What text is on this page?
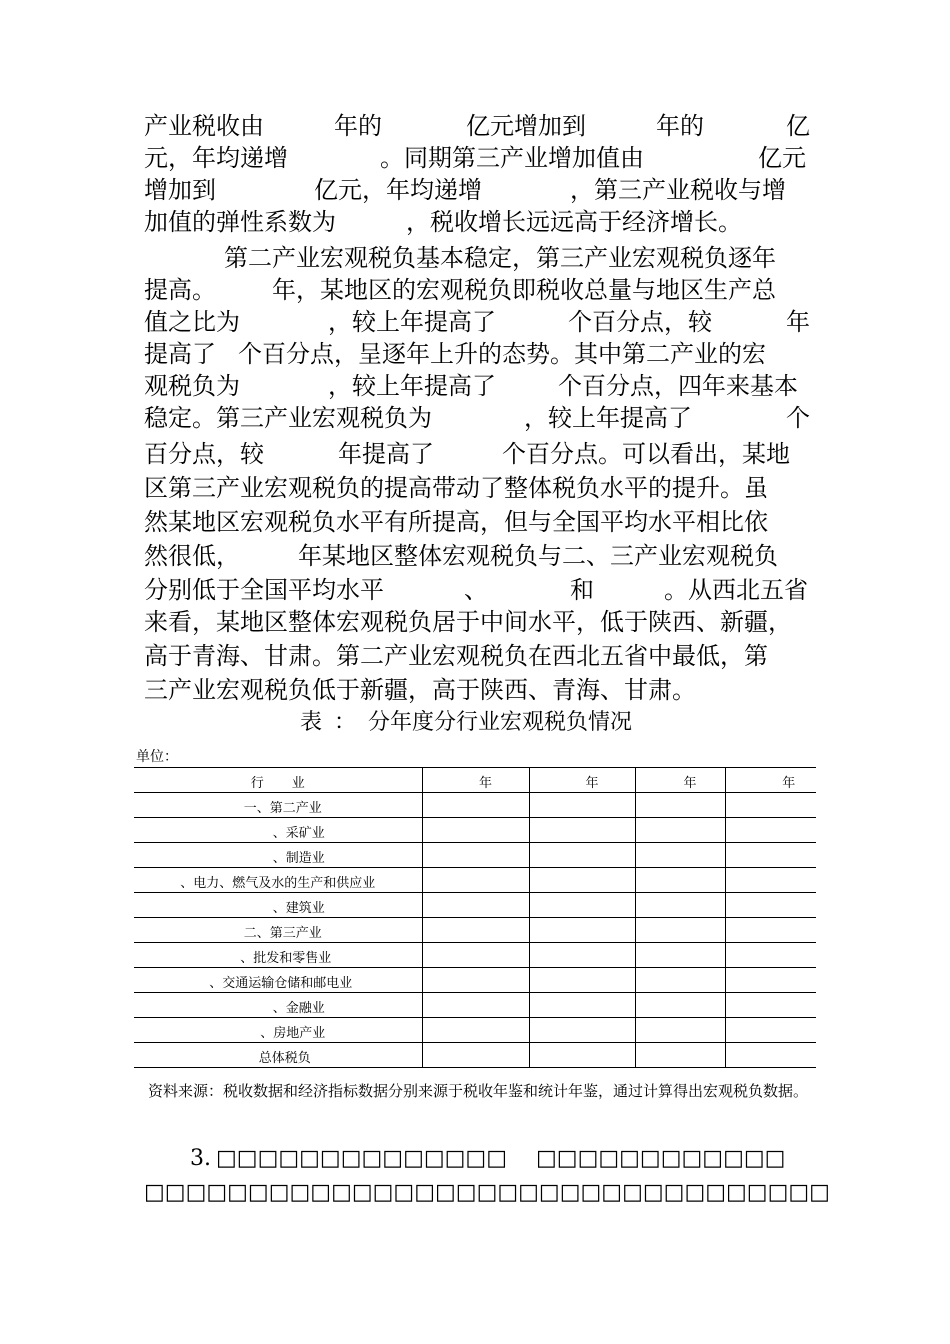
产业税收由	年的	亿元增加到	年的	亿
元，年均递增	。同期第三产业增加值由	亿元
增加到	亿元，年均递增	，第三产业税收与增
加值的弹性系数为	，税收增长远远高于经济增长。
第二产业宏观税负基本稳定，第三产业宏观税负逐年
提高。 年，某地区的宏观税负即税收总量与地区生产总
值之比为	，较上年提高了	个百分点，较	年
提高了 个百分点，呈逐年上升的态势。其中第二产业的宏
观税负为	，较上年提高了	个百分点，四年来基本
稳定。第三产业宏观税负为	，较上年提高了	个
百分点，较	年提高了	个百分点。可以看出，某地
区第三产业宏观税负的提高带动了整体税负水平的提升。虽
然某地区宏观税负水平有所提高，但与全国平均水平相比依
然很低， 年某地区整体宏观税负与二、三产业宏观税负
分别低于全国平均水平	、	和	。从西北五省
来看，某地区整体宏观税负居于中间水平，低于陕西、新疆，
高于青海、甘肃。第二产业宏观税负在西北五省中最低，第
三产业宏观税负低于新疆，高于陕西、青海、甘肃。
表 ： 分年度分行业宏观税负情况
单位：
行 业	年	年	年	年
一、第二产业				
、采矿业				
、制造业				
、电力、燃气及水的生产和供应业				
、建筑业				
二、第三产业				
、批发和零售业				
、交通运输仓储和邮电业				
、金融业				
、房地产业				
总体税负				
资料来源：税收数据和经济指标数据分别来源于税收年鉴和统计年鉴，通过计算得出宏观税负数据。
3. □□□□□□□□□□□□□□ □□□□□□□□□□□□
□□□□□□□□□□□□□□□□□□□□□□□□□□□□□□□□□
